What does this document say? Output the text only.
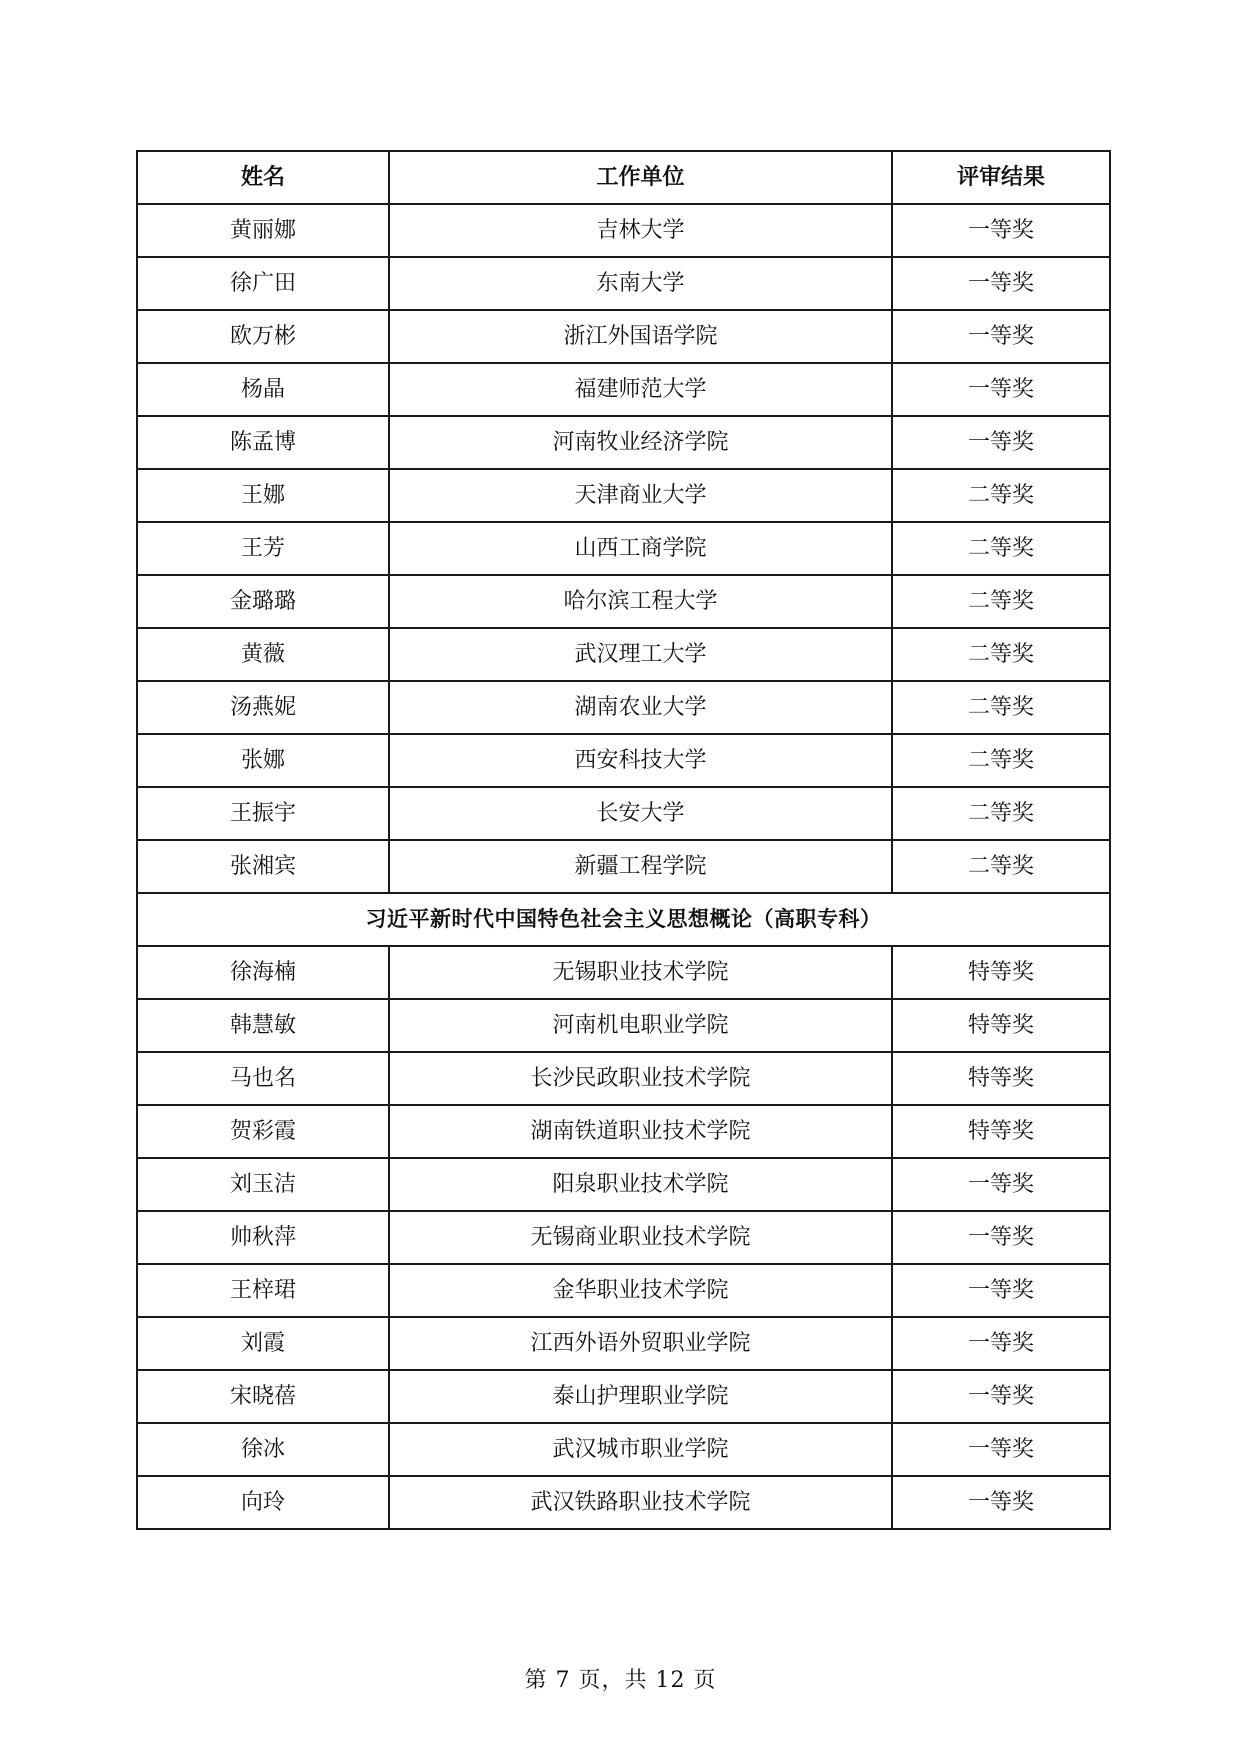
姓名	工作单位	评审结果
黄丽娜	吉林大学	一等奖
徐广田	东南大学	一等奖
欧万彬	浙江外国语学院	一等奖
杨晶	福建师范大学	一等奖
陈孟博	河南牧业经济学院	一等奖
王娜	天津商业大学	二等奖
王芳	山西工商学院	二等奖
金璐璐	哈尔滨工程大学	二等奖
黄薇	武汉理工大学	二等奖
汤燕妮	湖南农业大学	二等奖
张娜	西安科技大学	二等奖
王振宇	长安大学	二等奖
张湘宾	新疆工程学院	二等奖
习近平新时代中国特色社会主义思想概论（高职专科）		
徐海楠	无锡职业技术学院	特等奖
韩慧敏	河南机电职业学院	特等奖
马也名	长沙民政职业技术学院	特等奖
贺彩霞	湖南铁道职业技术学院	特等奖
刘玉洁	阳泉职业技术学院	一等奖
帅秋萍	无锡商业职业技术学院	一等奖
王梓珺	金华职业技术学院	一等奖
刘霞	江西外语外贸职业学院	一等奖
宋晓蓓	泰山护理职业学院	一等奖
徐冰	武汉城市职业学院	一等奖
向玲	武汉铁路职业技术学院	一等奖
第 7 页，共 12 页
